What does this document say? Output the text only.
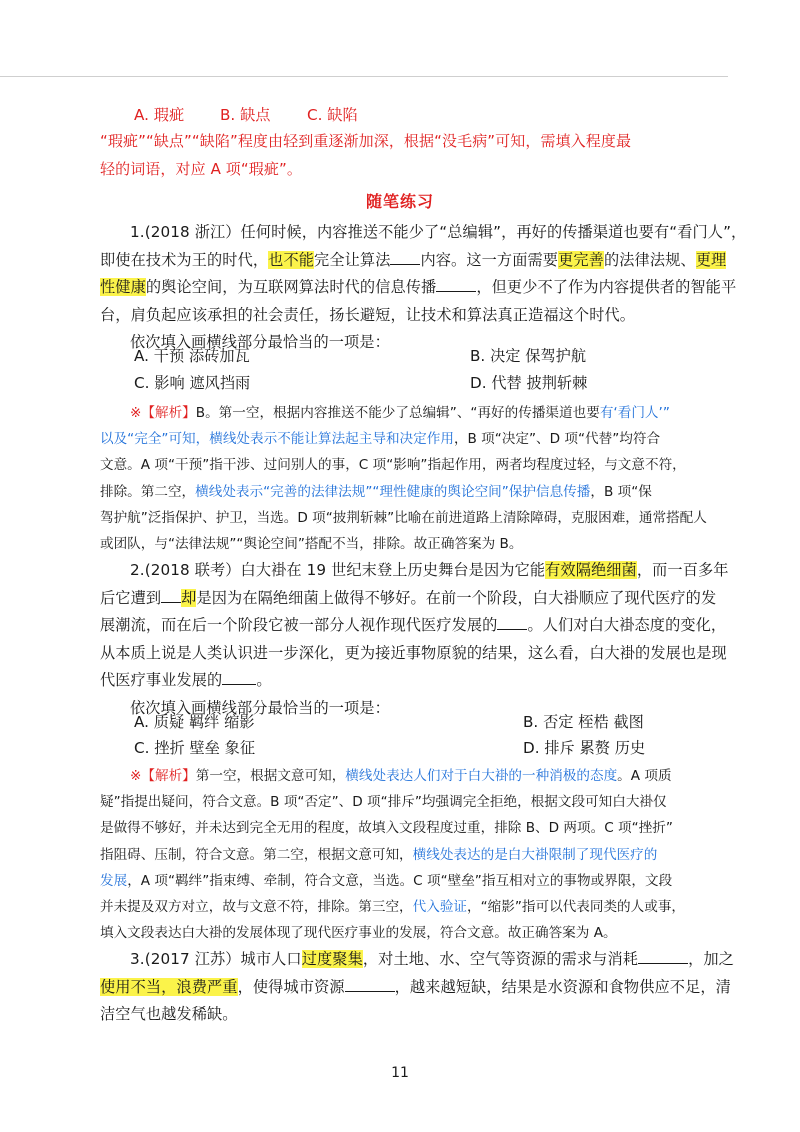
A. 瑕疵 B. 缺点 C. 缺陷
“瑕疵”“缺点”“缺陷”程度由轻到重逐渐加深，根据“没毛病”可知，需填入程度最
轻的词语，对应 A 项“瑕疵”。
随笔练习
1.(2018 浙江）任何时候，内容推送不能少了“总编辑”，再好的传播渠道也要有“看门人”，
即使在技术为王的时代，也不能完全让算法 内容。这一方面需要更完善的法律法规、更理
性健康的舆论空间，为互联网算法时代的信息传播	，但更少不了作为内容提供者的智能平
台，肩负起应该承担的社会责任，扬长避短，让技术和算法真正造福这个时代。
依次填入画横线部分最恰当的一项是：
A. 干预 添砖加瓦	B. 决定 保驾护航
C. 影响 遮风挡雨	D. 代替 披荆斩棘
※【解析】B。第一空，根据内容推送不能少了总编辑”、“再好的传播渠道也要有‘看门人’”
以及“完全”可知，横线处表示不能让算法起主导和决定作用，B 项“决定”、D 项“代替”均符合
文意。A 项“干预”指干涉、过问别人的事，C 项“影响”指起作用，两者均程度过轻，与文意不符，
排除。第二空，横线处表示“完善的法律法规”“理性健康的舆论空间”保护信息传播，B 项“保
驾护航”泛指保护、护卫，当选。D 项“披荆斩棘”比喻在前进道路上清除障碍，克服困难，通常搭配人
或团队，与“法律法规”“舆论空间”搭配不当，排除。故正确答案为 B。
2.(2018 联考）白大褂在 19 世纪末登上历史舞台是因为它能有效隔绝细菌，而一百多年
后它遭到 却是因为在隔绝细菌上做得不够好。在前一个阶段，白大褂顺应了现代医疗的发
展潮流，而在后一个阶段它被一部分人视作现代医疗发展的 。人们对白大褂态度的变化，
从本质上说是人类认识进一步深化，更为接近事物原貌的结果，这么看，白大褂的发展也是现
代医疗事业发展的 。
依次填入画横线部分最恰当的一项是：
A. 质疑 羁绊 缩影	B. 否定 桎梏 截图
C. 挫折 壁垒 象征	D. 排斥 累赘 历史
※【解析】第一空，根据文意可知，横线处表达人们对于白大褂的一种消极的态度。A 项质
疑”指提出疑问，符合文意。B 项“否定”、D 项“排斥”均强调完全拒绝，根据文段可知白大褂仅
是做得不够好，并未达到完全无用的程度，故填入文段程度过重，排除 B、D 两项。C 项“挫折”
指阻碍、压制，符合文意。第二空，根据文意可知，横线处表达的是白大褂限制了现代医疗的
发展，A 项“羁绊”指束缚、牵制，符合文意，当选。C 项“壁垒”指互相对立的事物或界限，文段
并未提及双方对立，故与文意不符，排除。第三空，代入验证，“缩影”指可以代表同类的人或事，
填入文段表达白大褂的发展体现了现代医疗事业的发展，符合文意。故正确答案为 A。
3.(2017 江苏）城市人口过度聚集，对土地、水、空气等资源的需求与消耗	，加之
使用不当，浪费严重，使得城市资源	，越来越短缺，结果是水资源和食物供应不足，清
洁空气也越发稀缺。
11
